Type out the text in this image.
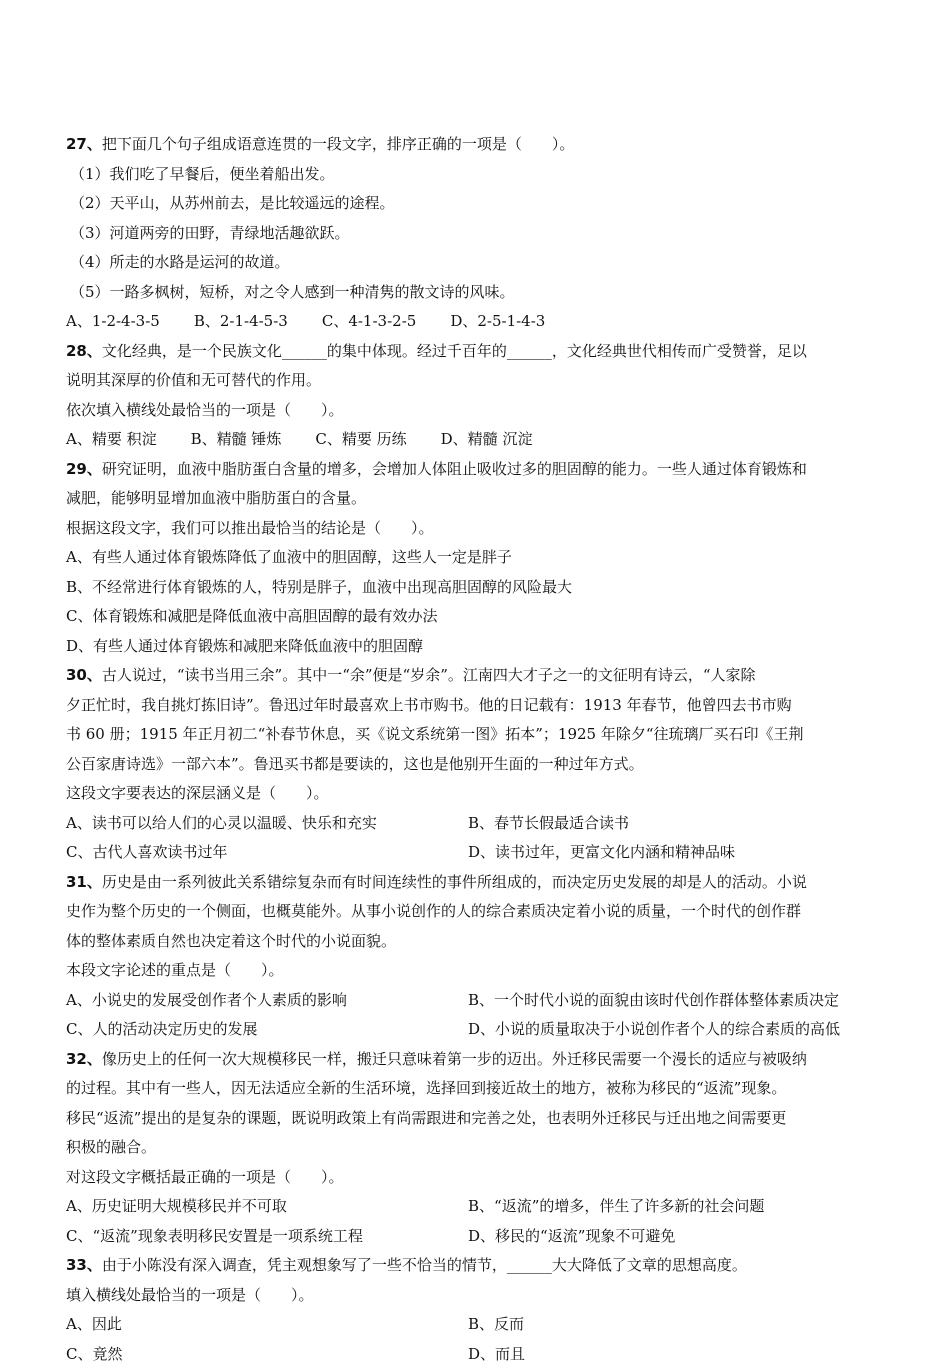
27、把下面几个句子组成语意连贯的一段文字，排序正确的一项是（　　）。

（1）我们吃了早餐后，便坐着船出发。

（2）天平山，从苏州前去，是比较遥远的途程。

（3）河道两旁的田野，青绿地活趣欲跃。

（4）所走的水路是运河的故道。

（5）一路多枫树，短桥，对之令人感到一种清隽的散文诗的风味。

A、1-2-4-3-5 B、2-1-4-5-3 C、4-1-3-2-5 D、2-5-1-4-3

28、文化经典，是一个民族文化______的集中体现。经过千百年的______，文化经典世代相传而广受赞誉，足以

说明其深厚的价值和无可替代的作用。

依次填入横线处最恰当的一项是（　　）。

A、精要 积淀 B、精髓 锤炼 C、精要 历练 D、精髓 沉淀

29、研究证明，血液中脂肪蛋白含量的增多，会增加人体阻止吸收过多的胆固醇的能力。一些人通过体育锻炼和

减肥，能够明显增加血液中脂肪蛋白的含量。

根据这段文字，我们可以推出最恰当的结论是（　　）。

A、有些人通过体育锻炼降低了血液中的胆固醇，这些人一定是胖子

B、不经常进行体育锻炼的人，特别是胖子，血液中出现高胆固醇的风险最大

C、体育锻炼和减肥是降低血液中高胆固醇的最有效办法

D、有些人通过体育锻炼和减肥来降低血液中的胆固醇

30、古人说过，“读书当用三余”。其中一“余”便是“岁余”。江南四大才子之一的文征明有诗云，“人家除

夕正忙时，我自挑灯拣旧诗”。鲁迅过年时最喜欢上书市购书。他的日记载有：1913 年春节，他曾四去书市购

书 60 册；1915 年正月初二“补春节休息，买《说文系统第一图》拓本”；1925 年除夕“往琉璃厂买石印《王荆

公百家唐诗选》一部六本”。鲁迅买书都是要读的，这也是他别开生面的一种过年方式。

这段文字要表达的深层涵义是（　　）。

A、读书可以给人们的心灵以温暖、快乐和充实	B、春节长假最适合读书
C、古代人喜欢读书过年	D、读书过年，更富文化内涵和精神品味

31、历史是由一系列彼此关系错综复杂而有时间连续性的事件所组成的，而决定历史发展的却是人的活动。小说

史作为整个历史的一个侧面，也概莫能外。从事小说创作的人的综合素质决定着小说的质量，一个时代的创作群

体的整体素质自然也决定着这个时代的小说面貌。

本段文字论述的重点是（　　）。

A、小说史的发展受创作者个人素质的影响	B、一个时代小说的面貌由该时代创作群体整体素质决定
C、人的活动决定历史的发展	D、小说的质量取决于小说创作者个人的综合素质的高低

32、像历史上的任何一次大规模移民一样，搬迁只意味着第一步的迈出。外迁移民需要一个漫长的适应与被吸纳

的过程。其中有一些人，因无法适应全新的生活环境，选择回到接近故土的地方，被称为移民的“返流”现象。

移民“返流”提出的是复杂的课题，既说明政策上有尚需跟进和完善之处，也表明外迁移民与迁出地之间需要更

积极的融合。

对这段文字概括最正确的一项是（　　）。

A、历史证明大规模移民并不可取	B、“返流”的增多，伴生了许多新的社会问题
C、“返流”现象表明移民安置是一项系统工程	D、移民的“返流”现象不可避免

33、由于小陈没有深入调查，凭主观想象写了一些不恰当的情节，______大大降低了文章的思想高度。

填入横线处最恰当的一项是（　　）。

A、因此	B、反而
C、竟然	D、而且
